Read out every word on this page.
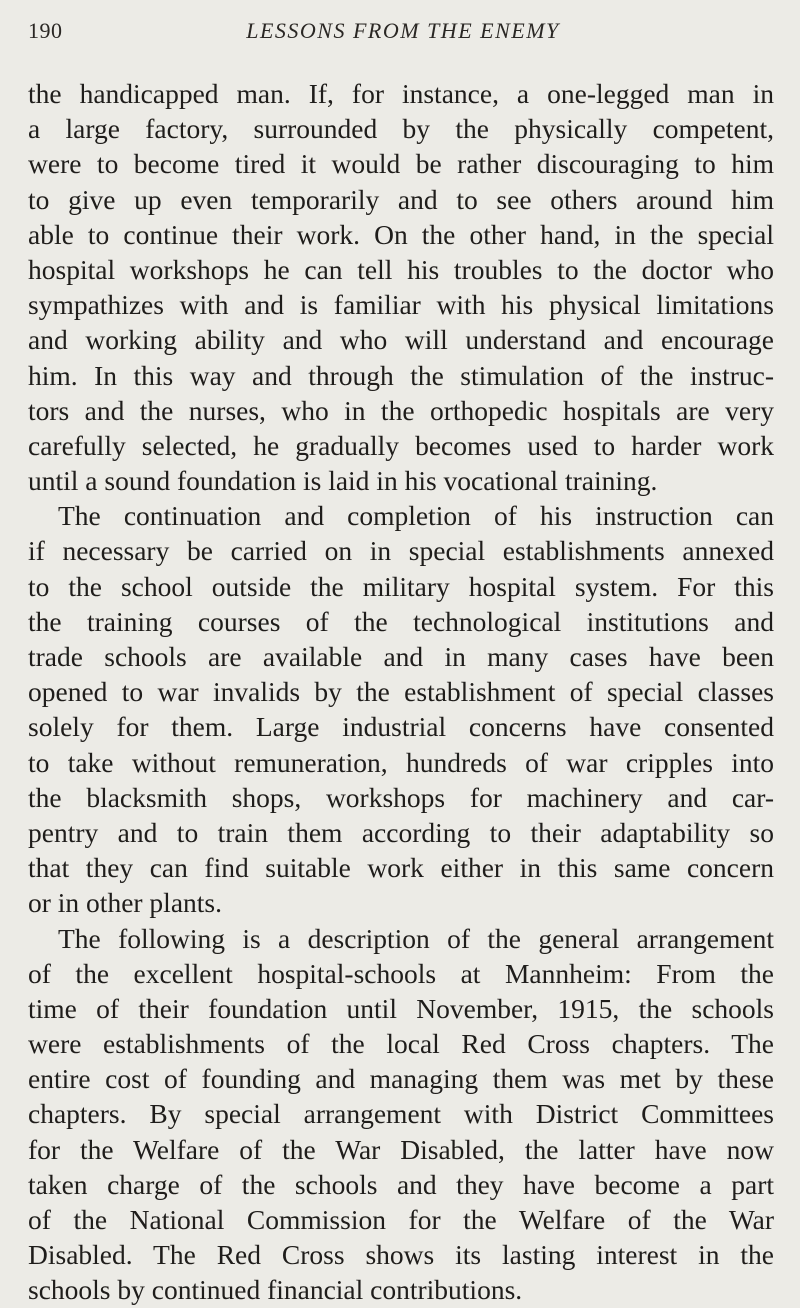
190	LESSONS FROM THE ENEMY

the handicapped man. If, for instance, a one-legged man in
a large factory, surrounded by the physically competent,
were to become tired it would be rather discouraging to him
to give up even temporarily and to see others around him
able to continue their work. On the other hand, in the special
hospital workshops he can tell his troubles to the doctor who
sympathizes with and is familiar with his physical limitations
and working ability and who will understand and encourage
him. In this way and through the stimulation of the instruc-
tors and the nurses, who in the orthopedic hospitals are very
carefully selected, he gradually becomes used to harder work
until a sound foundation is laid in his vocational training.

The continuation and completion of his instruction can
if necessary be carried on in special establishments annexed
to the school outside the military hospital system. For this
the training courses of the technological institutions and
trade schools are available and in many cases have been
opened to war invalids by the establishment of special classes
solely for them. Large industrial concerns have consented
to take without remuneration, hundreds of war cripples into
the blacksmith shops, workshops for machinery and car-
pentry and to train them according to their adaptability so
that they can find suitable work either in this same concern
or in other plants.

The following is a description of the general arrangement
of the excellent hospital-schools at Mannheim: From the
time of their foundation until November, 1915, the schools
were establishments of the local Red Cross chapters. The
entire cost of founding and managing them was met by these
chapters. By special arrangement with District Committees
for the Welfare of the War Disabled, the latter have now
taken charge of the schools and they have become a part
of the National Commission for the Welfare of the War
Disabled. The Red Cross shows its lasting interest in the
schools by continued financial contributions.
